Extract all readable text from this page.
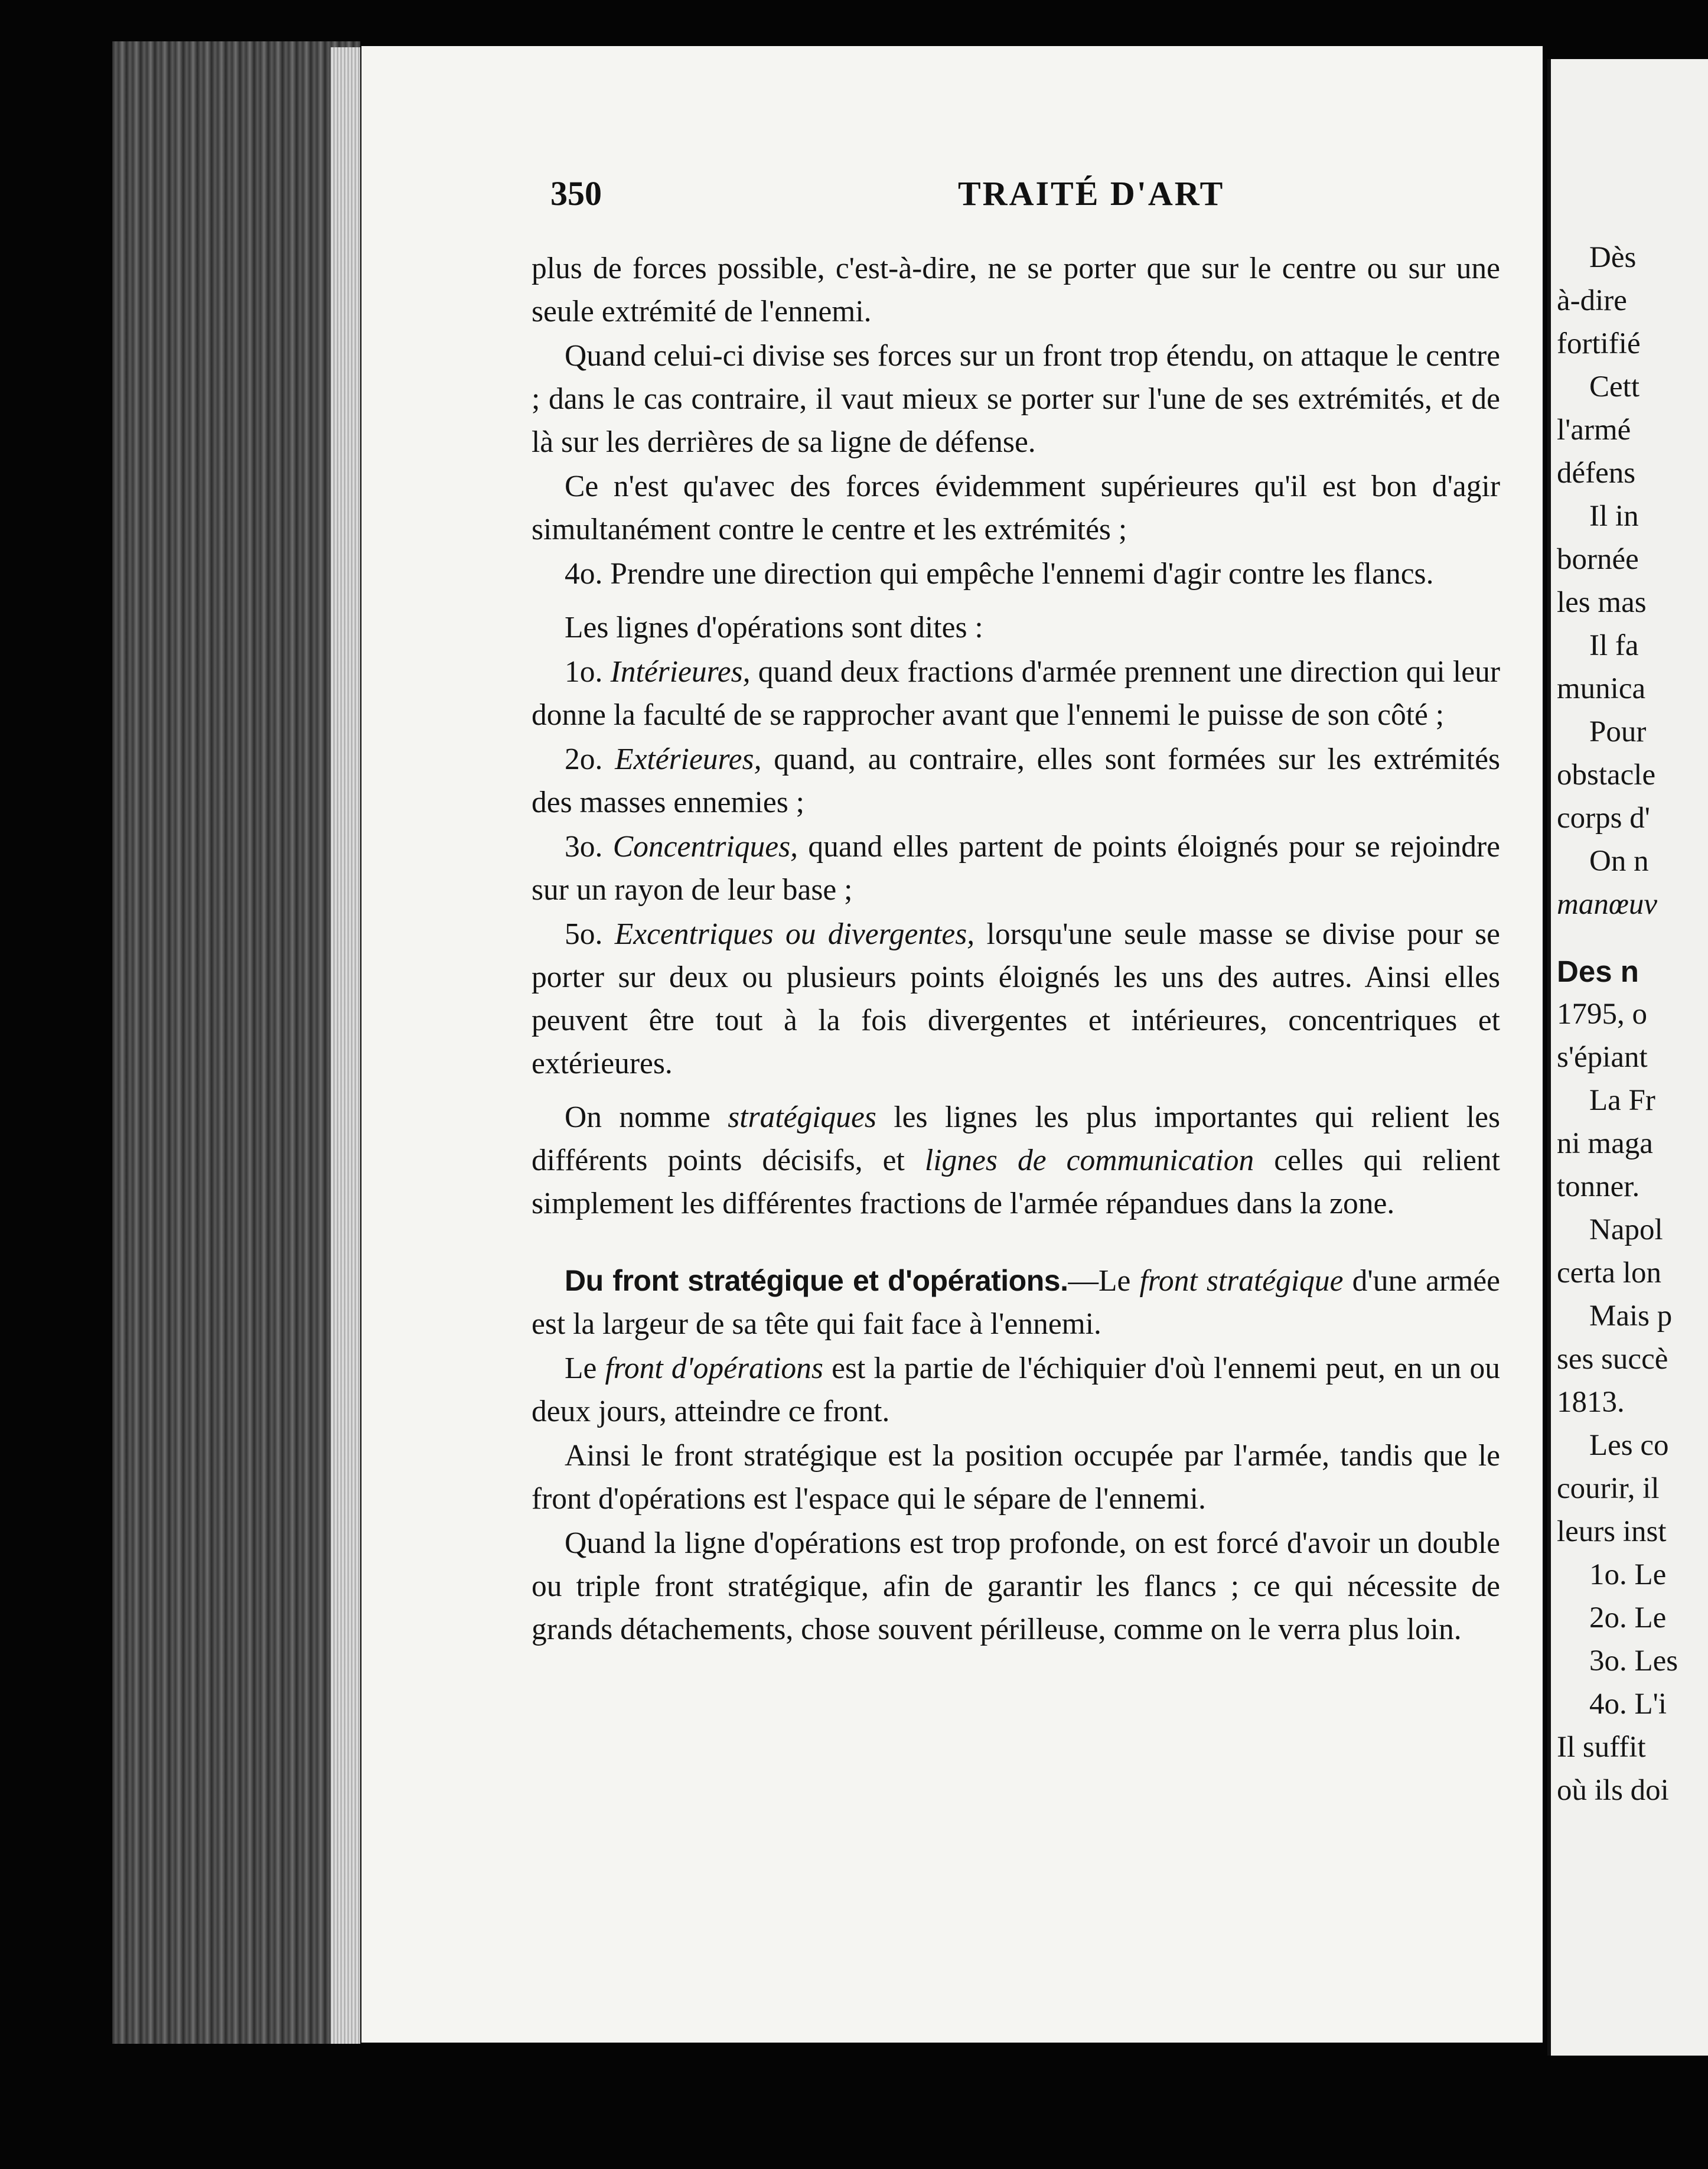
350	TRAITÉ D'ART

plus de forces possible, c'est-à-dire, ne se porter que sur le centre ou sur une seule extrémité de l'ennemi.

Quand celui-ci divise ses forces sur un front trop étendu, on attaque le centre ; dans le cas contraire, il vaut mieux se porter sur l'une de ses extrémités, et de là sur les derrières de sa ligne de défense.

Ce n'est qu'avec des forces évidemment supérieures qu'il est bon d'agir simultanément contre le centre et les extrémités ;

4o. Prendre une direction qui empêche l'ennemi d'agir contre les flancs.

Les lignes d'opérations sont dites :

1o. Intérieures, quand deux fractions d'armée prennent une direction qui leur donne la faculté de se rapprocher avant que l'ennemi le puisse de son côté ;

2o. Extérieures, quand, au contraire, elles sont formées sur les extrémités des masses ennemies ;

3o. Concentriques, quand elles partent de points éloignés pour se rejoindre sur un rayon de leur base ;

5o. Excentriques ou divergentes, lorsqu'une seule masse se divise pour se porter sur deux ou plusieurs points éloignés les uns des autres. Ainsi elles peuvent être tout à la fois divergentes et intérieures, concentriques et extérieures.

On nomme stratégiques les lignes les plus importantes qui relient les différents points décisifs, et lignes de communication celles qui relient simplement les différentes fractions de l'armée répandues dans la zone.

Du front stratégique et d'opérations.—Le front stratégique d'une armée est la largeur de sa tête qui fait face à l'ennemi.

Le front d'opérations est la partie de l'échiquier d'où l'ennemi peut, en un ou deux jours, atteindre ce front.

Ainsi le front stratégique est la position occupée par l'armée, tandis que le front d'opérations est l'espace qui le sépare de l'ennemi.

Quand la ligne d'opérations est trop profonde, on est forcé d'avoir un double ou triple front stratégique, afin de garantir les flancs ; ce qui nécessite de grands détachements, chose souvent périlleuse, comme on le verra plus loin.

Dès
à-dire
fortifié
Cett
l'armé
défens
Il in
bornée
les mas
Il fa
munica
Pour
obstacle
corps d'
On n
manœuv
Des n
1795, o
s'épiant
La Fr
ni maga
tonner.
Napol
certa lon
Mais p
ses succè
1813.
Les co
courir, il
leurs inst
1o. Le
2o. Le
3o. Les
4o. L'i
Il suffit
où ils doi
